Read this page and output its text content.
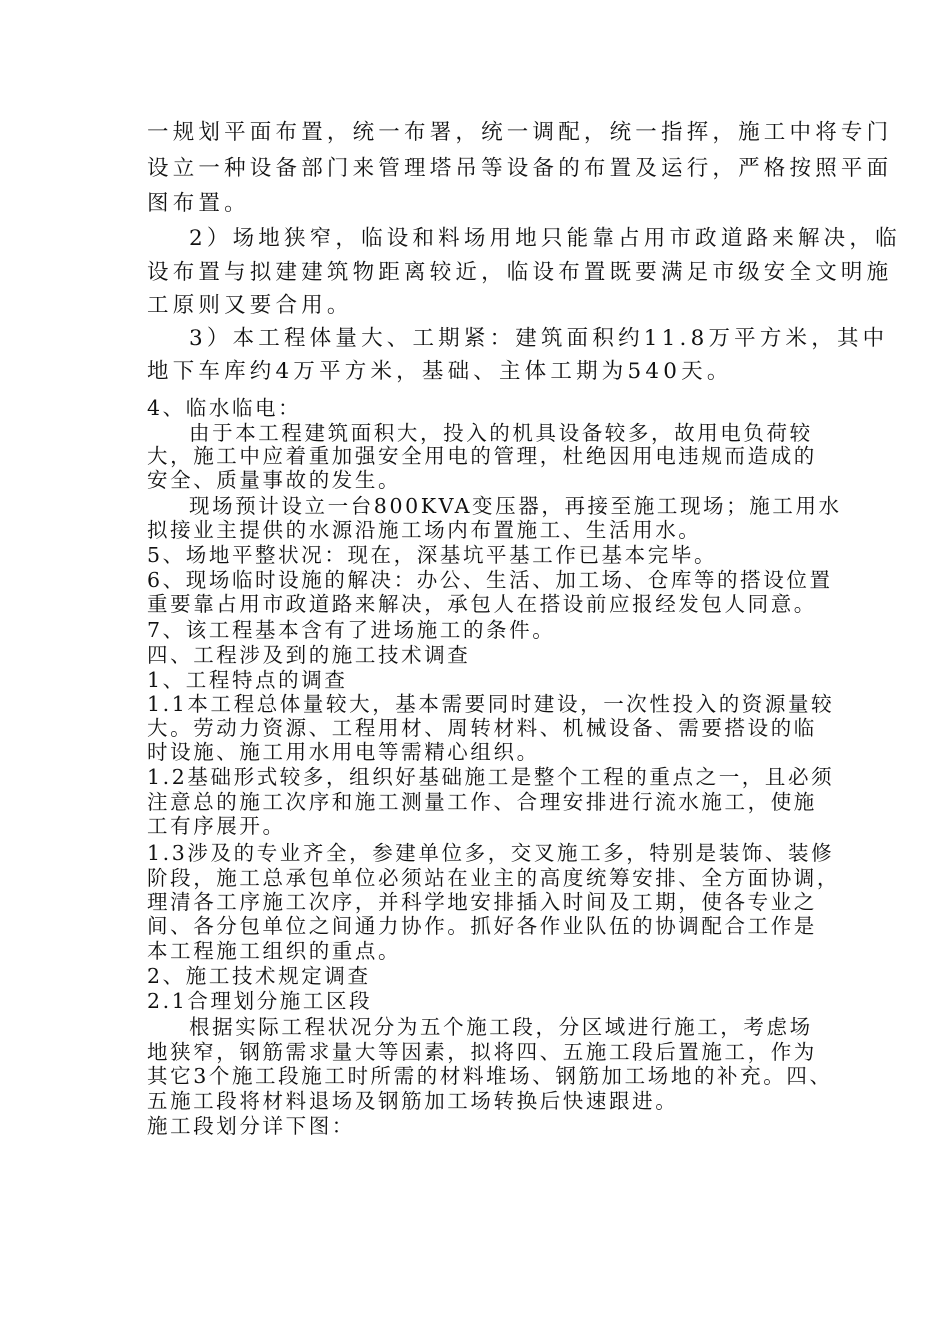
一规划平面布置，统一布署，统一调配，统一指挥，施工中将专门

设立一种设备部门来管理塔吊等设备的布置及运行，严格按照平面

图布置。

2）场地狭窄，临设和料场用地只能靠占用市政道路来解决，临

设布置与拟建建筑物距离较近，临设布置既要满足市级安全文明施

工原则又要合用。

3）本工程体量大、工期紧：建筑面积约11.8万平方米，其中

地下车库约4万平方米，基础、主体工期为540天。

4、临水临电：

由于本工程建筑面积大，投入的机具设备较多，故用电负荷较

大，施工中应着重加强安全用电的管理，杜绝因用电违规而造成的

安全、质量事故的发生。

现场预计设立一台800KVA变压器，再接至施工现场；施工用水

拟接业主提供的水源沿施工场内布置施工、生活用水。

5、场地平整状况：现在，深基坑平基工作已基本完毕。

6、现场临时设施的解决：办公、生活、加工场、仓库等的搭设位置

重要靠占用市政道路来解决，承包人在搭设前应报经发包人同意。

7、该工程基本含有了进场施工的条件。

四、工程涉及到的施工技术调查

1、工程特点的调查

1.1本工程总体量较大，基本需要同时建设，一次性投入的资源量较

大。劳动力资源、工程用材、周转材料、机械设备、需要搭设的临

时设施、施工用水用电等需精心组织。

1.2基础形式较多，组织好基础施工是整个工程的重点之一，且必须

注意总的施工次序和施工测量工作、合理安排进行流水施工，使施

工有序展开。

1.3涉及的专业齐全，参建单位多，交叉施工多，特别是装饰、装修

阶段，施工总承包单位必须站在业主的高度统筹安排、全方面协调，

理清各工序施工次序，并科学地安排插入时间及工期，使各专业之

间、各分包单位之间通力协作。抓好各作业队伍的协调配合工作是

本工程施工组织的重点。

2、施工技术规定调查

2.1合理划分施工区段

根据实际工程状况分为五个施工段，分区域进行施工，考虑场

地狭窄，钢筋需求量大等因素，拟将四、五施工段后置施工，作为

其它3个施工段施工时所需的材料堆场、钢筋加工场地的补充。四、

五施工段将材料退场及钢筋加工场转换后快速跟进。

施工段划分详下图：
